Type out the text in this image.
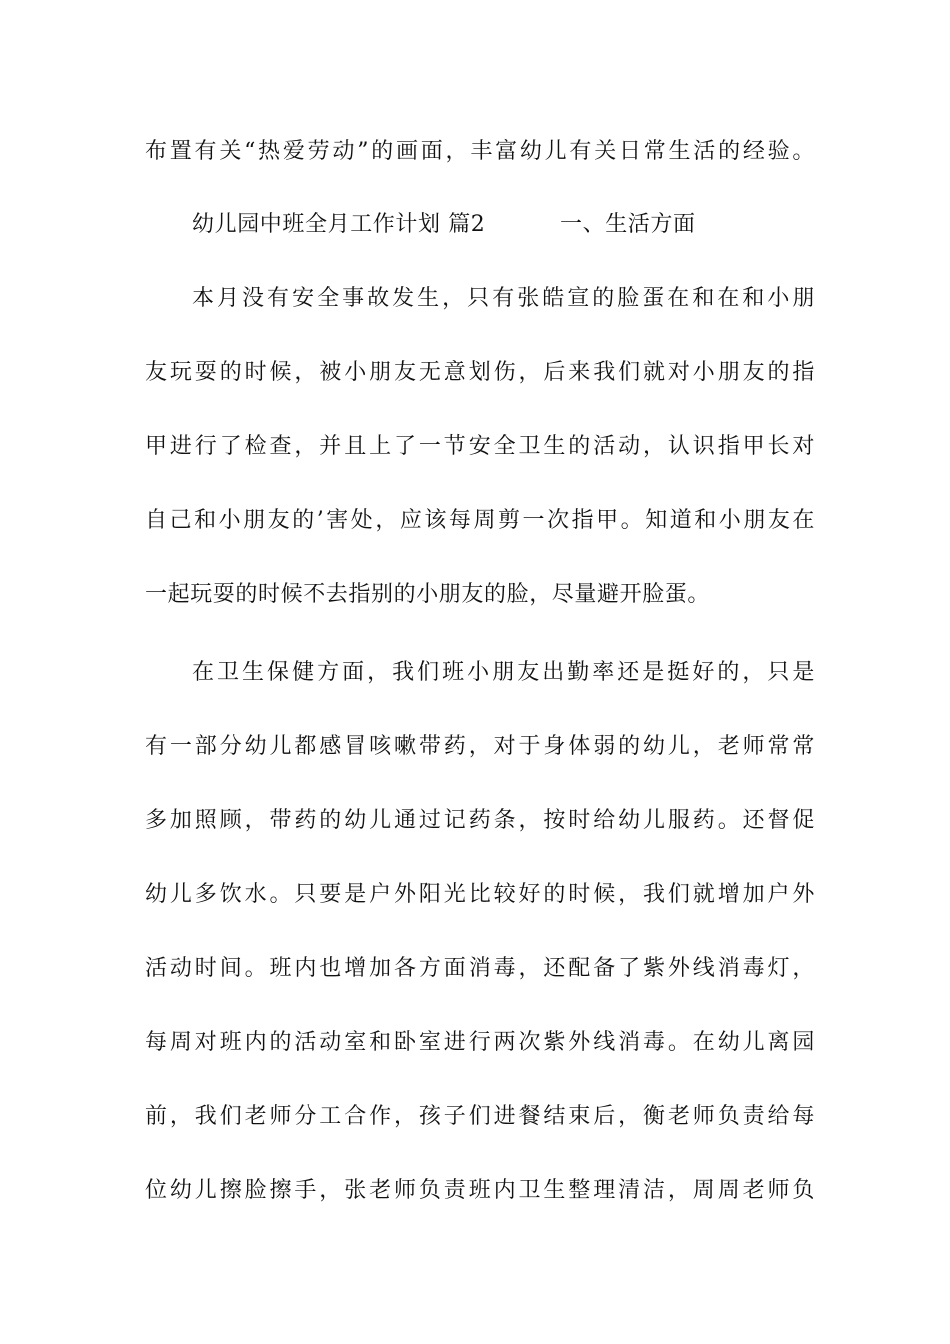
布置有关“热爱劳动”的画面，丰富幼儿有关日常生活的经验。
幼儿园中班全月工作计划 篇2	一、生活方面
本月没有安全事故发生，只有张皓宣的脸蛋在和在和小朋
友玩耍的时候，被小朋友无意划伤，后来我们就对小朋友的指
甲进行了检查，并且上了一节安全卫生的活动，认识指甲长对
自己和小朋友的’害处，应该每周剪一次指甲。知道和小朋友在
一起玩耍的时候不去指别的小朋友的脸，尽量避开脸蛋。
在卫生保健方面，我们班小朋友出勤率还是挺好的，只是
有一部分幼儿都感冒咳嗽带药，对于身体弱的幼儿，老师常常
多加照顾，带药的幼儿通过记药条，按时给幼儿服药。还督促
幼儿多饮水。只要是户外阳光比较好的时候，我们就增加户外
活动时间。班内也增加各方面消毒，还配备了紫外线消毒灯，
每周对班内的活动室和卧室进行两次紫外线消毒。在幼儿离园
前，我们老师分工合作，孩子们进餐结束后，衡老师负责给每
位幼儿擦脸擦手，张老师负责班内卫生整理清洁，周周老师负
